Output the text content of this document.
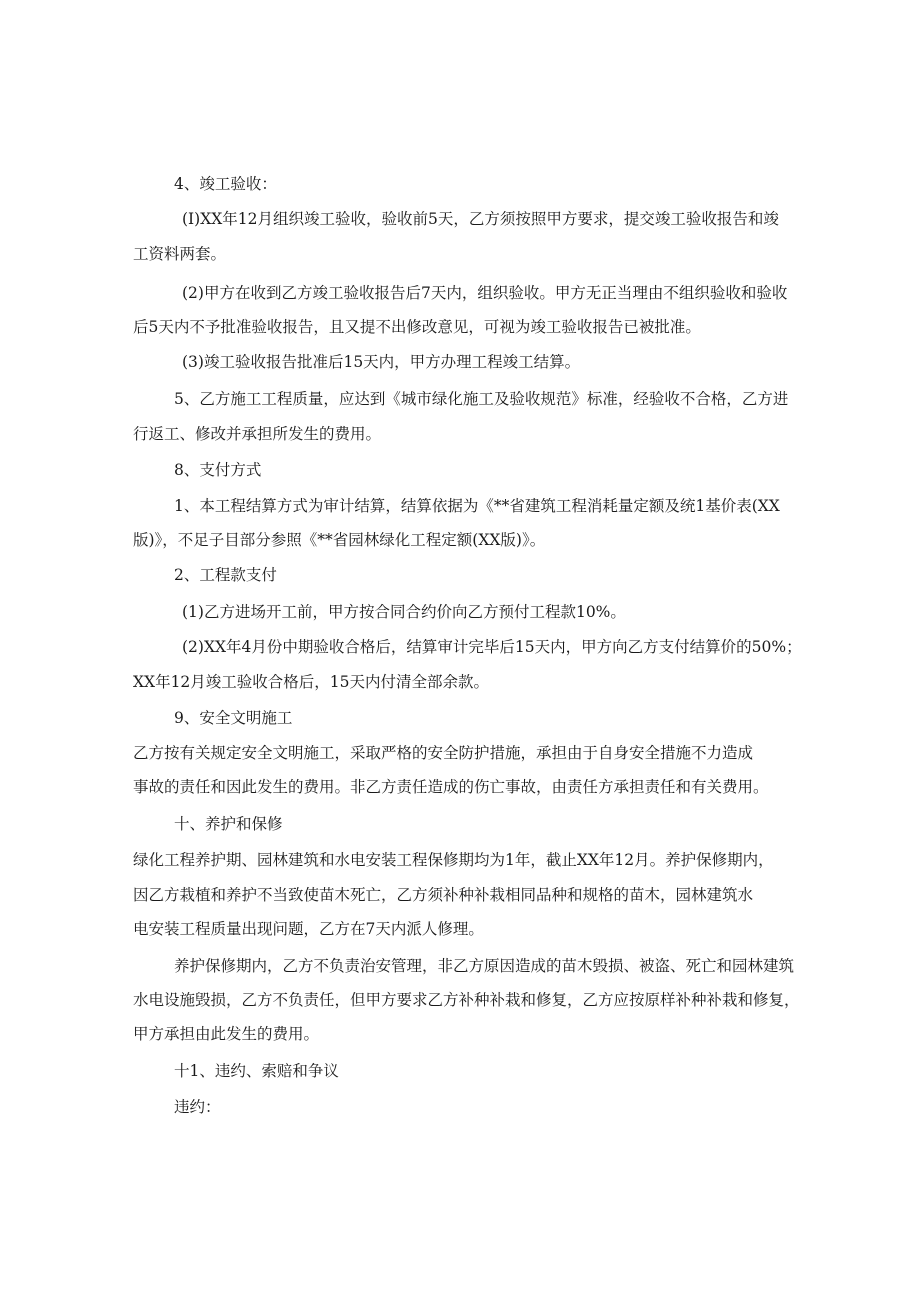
4、竣工验收：
(I)XX年12月组织竣工验收，验收前5天，乙方须按照甲方要求，提交竣工验收报告和竣
工资料两套。
(2)甲方在收到乙方竣工验收报告后7天内，组织验收。甲方无正当理由不组织验收和验收
后5天内不予批准验收报告，且又提不出修改意见，可视为竣工验收报告已被批准。
(3)竣工验收报告批准后15天内，甲方办理工程竣工结算。
5、乙方施工工程质量，应达到《城市绿化施工及验收规范》标准，经验收不合格，乙方进
行返工、修改并承担所发生的费用。
8、支付方式
1、本工程结算方式为审计结算，结算依据为《**省建筑工程消耗量定额及统1基价表(XX
版)》，不足子目部分参照《**省园林绿化工程定额(XX版)》。
2、工程款支付
(1)乙方进场开工前，甲方按合同合约价向乙方预付工程款10%。
(2)XX年4月份中期验收合格后，结算审计完毕后15天内，甲方向乙方支付结算价的50%；
XX年12月竣工验收合格后，15天内付清全部余款。
9、安全文明施工
乙方按有关规定安全文明施工，采取严格的安全防护措施，承担由于自身安全措施不力造成
事故的责任和因此发生的费用。非乙方责任造成的伤亡事故，由责任方承担责任和有关费用。
十、养护和保修
绿化工程养护期、园林建筑和水电安装工程保修期均为1年，截止XX年12月。养护保修期内，
因乙方栽植和养护不当致使苗木死亡，乙方须补种补栽相同品种和规格的苗木，园林建筑水
电安装工程质量出现问题，乙方在7天内派人修理。
养护保修期内，乙方不负责治安管理，非乙方原因造成的苗木毁损、被盗、死亡和园林建筑
水电设施毁损，乙方不负责任，但甲方要求乙方补种补栽和修复，乙方应按原样补种补栽和修复，
甲方承担由此发生的费用。
十1、违约、索赔和争议
违约：
